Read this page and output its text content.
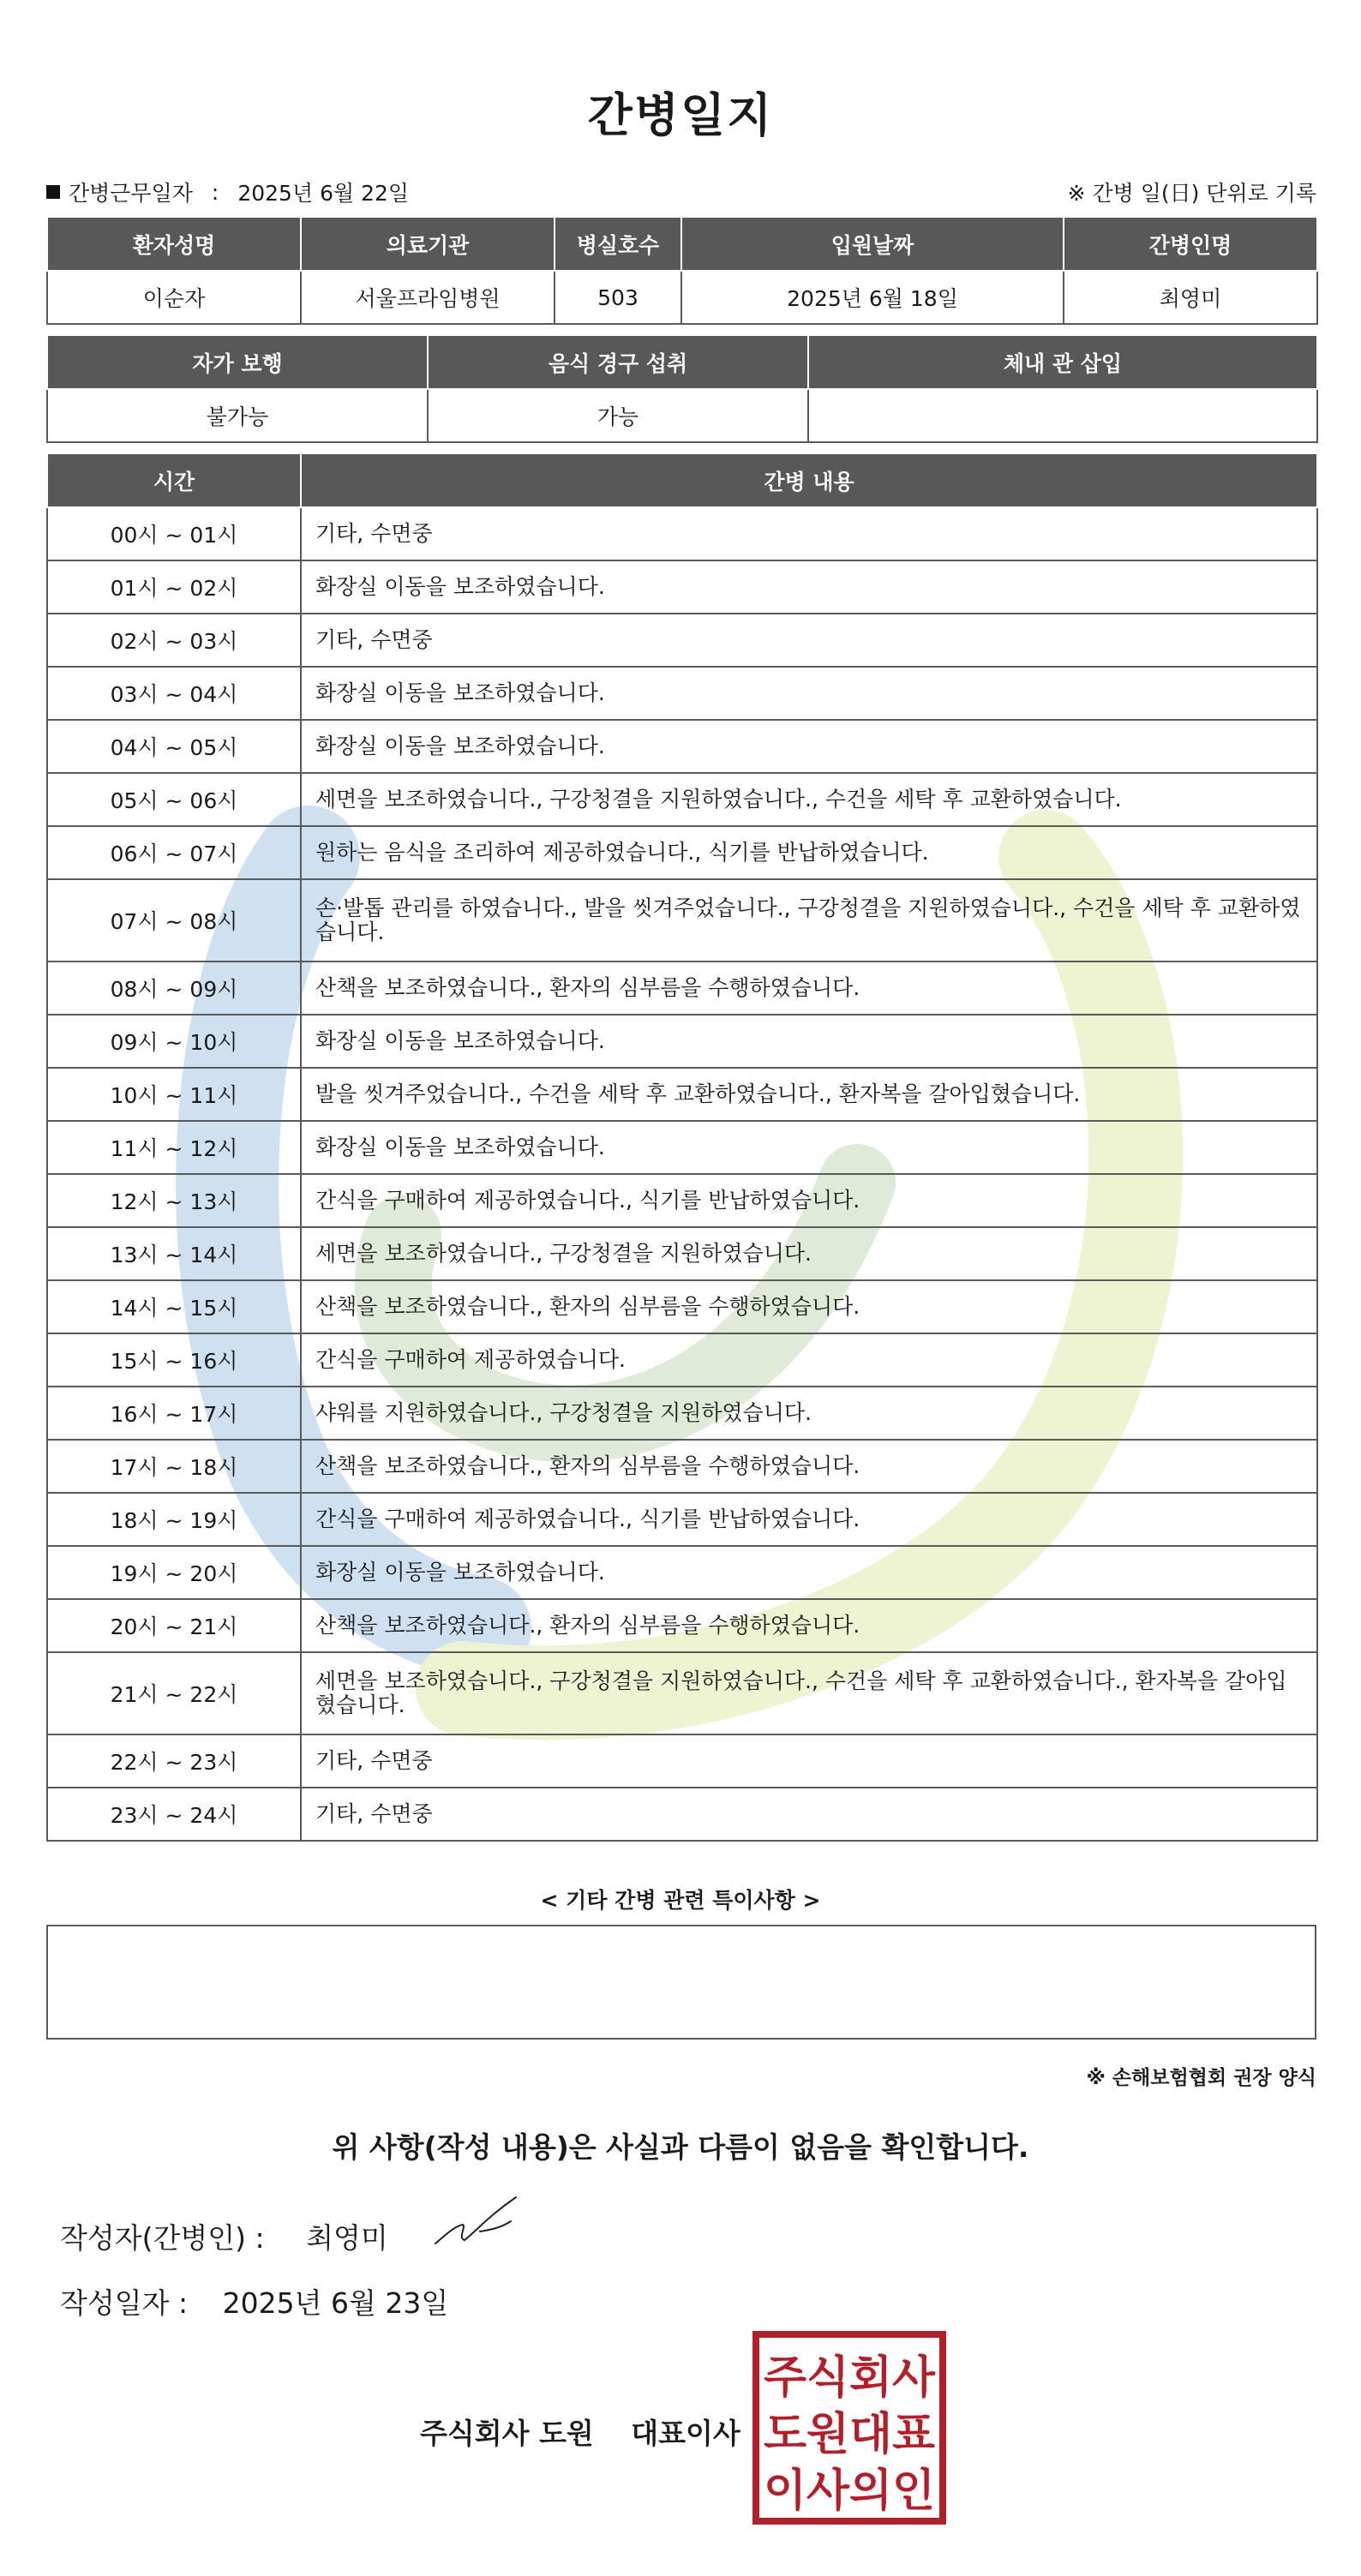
간병일지
간병근무일자 : 2025년 6월 22일	※ 간병 일(日) 단위로 기록
환자성명	의료기관	병실호수	입원날짜	간병인명
이순자	서울프라임병원	503	2025년 6월 18일	최영미
자가 보행	음식 경구 섭취	체내 관 삽입
불가능	가능	
시간	간병 내용
00시 ~ 01시	기타, 수면중
01시 ~ 02시	화장실 이동을 보조하였습니다.
02시 ~ 03시	기타, 수면중
03시 ~ 04시	화장실 이동을 보조하였습니다.
04시 ~ 05시	화장실 이동을 보조하였습니다.
05시 ~ 06시	세면을 보조하였습니다., 구강청결을 지원하였습니다., 수건을 세탁 후 교환하였습니다.
06시 ~ 07시	원하는 음식을 조리하여 제공하였습니다., 식기를 반납하였습니다.
07시 ~ 08시	손·발톱 관리를 하였습니다., 발을 씻겨주었습니다., 구강청결을 지원하였습니다., 수건을 세탁 후 교환하였습니다.
08시 ~ 09시	산책을 보조하였습니다., 환자의 심부름을 수행하였습니다.
09시 ~ 10시	화장실 이동을 보조하였습니다.
10시 ~ 11시	발을 씻겨주었습니다., 수건을 세탁 후 교환하였습니다., 환자복을 갈아입혔습니다.
11시 ~ 12시	화장실 이동을 보조하였습니다.
12시 ~ 13시	간식을 구매하여 제공하였습니다., 식기를 반납하였습니다.
13시 ~ 14시	세면을 보조하였습니다., 구강청결을 지원하였습니다.
14시 ~ 15시	산책을 보조하였습니다., 환자의 심부름을 수행하였습니다.
15시 ~ 16시	간식을 구매하여 제공하였습니다.
16시 ~ 17시	샤워를 지원하였습니다., 구강청결을 지원하였습니다.
17시 ~ 18시	산책을 보조하였습니다., 환자의 심부름을 수행하였습니다.
18시 ~ 19시	간식을 구매하여 제공하였습니다., 식기를 반납하였습니다.
19시 ~ 20시	화장실 이동을 보조하였습니다.
20시 ~ 21시	산책을 보조하였습니다., 환자의 심부름을 수행하였습니다.
21시 ~ 22시	세면을 보조하였습니다., 구강청결을 지원하였습니다., 수건을 세탁 후 교환하였습니다., 환자복을 갈아입혔습니다.
22시 ~ 23시	기타, 수면중
23시 ~ 24시	기타, 수면중
< 기타 간병 관련 특이사항 >
※ 손해보험협회 권장 양식
위 사항(작성 내용)은 사실과 다름이 없음을 확인합니다.
작성자(간병인) : 최영미
작성일자 : 2025년 6월 23일
주식회사 도원 대표이사
주식회사
도원대표
이사의인
